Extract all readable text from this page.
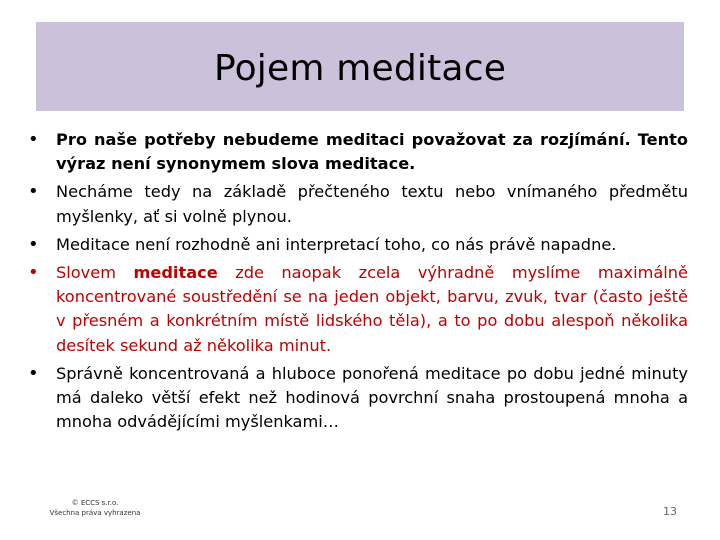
Pojem meditace
•	Pro naše potřeby nebudeme meditaci považovat za rozjímání. Tento výraz není synonymem slova meditace.
•	Necháme tedy na základě přečteného textu nebo vnímaného předmětu myšlenky, ať si volně plynou.
•	Meditace není rozhodně ani interpretací toho, co nás právě napadne.
•	Slovem meditace zde naopak zcela výhradně myslíme maximálně koncentrované soustředění se na jeden objekt, barvu, zvuk, tvar (často ještě v přesném a konkrétním místě lidského těla), a to po dobu alespoň několika desítek sekund až několika minut.
•	Správně koncentrovaná a hluboce ponořená meditace po dobu jedné minuty má daleko větší efekt než hodinová povrchní snaha prostoupená mnoha a mnoha odvádějícími myšlenkami…
© ECCS s.r.o.
Všechna práva vyhrazena	13
